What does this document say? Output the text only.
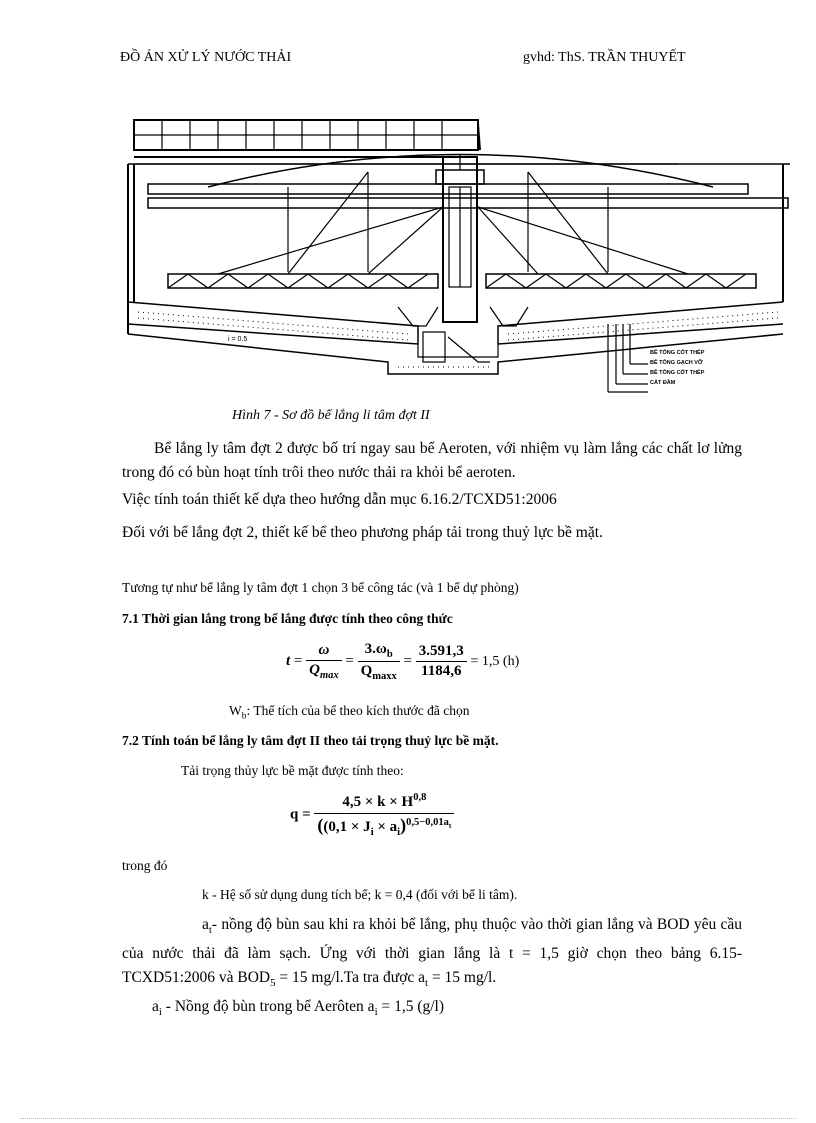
ĐỒ ÁN XỬ LÝ NƯỚC THẢI	gvhd: ThS. TRẦN THUYẾT
BÊ TÔNG CỐT THÉP
BÊ TÔNG GẠCH VỠ
BÊ TÔNG CỐT THÉP
CÁT ĐẦM
i = 0.5
Hình 7 - Sơ đồ bể lắng li tâm đợt II
Bể lắng ly tâm đợt 2 được bố trí ngay sau bể Aeroten, với nhiệm vụ làm lắng các chất lơ lửng trong đó có bùn hoạt tính trôi theo nước thải ra khỏi bể aeroten.
Việc tính toán thiết kế dựa theo hướng dẫn mục 6.16.2/TCXD51:2006
Đối với bể lắng đợt 2, thiết kế bể theo phương pháp tải trong thuỷ lực bề mặt.
Tương tự như bể lắng ly tâm đợt 1 chọn 3 bể công tác (và 1 bể dự phòng)
7.1 Thời gian lắng trong bể lắng được tính theo công thức
$t = \frac{\omega}{Q_{max}} = \frac{3.\omega_b}{Q_{maxx}} = \frac{3.591,3}{1184,6} = 1,5$ (h)
$W_b$: Thể tích của bể theo kích thước đã chọn
7.2 Tính toán bể lắng ly tâm đợt II theo tải trọng thuỷ lực bề mặt.
Tải trọng thủy lực bề mặt được tính theo:
$q = \frac{4,5 \times k \times H^{0,8}}{((0,1 \times J_i \times a_i)^{0,5-0,01a_t}}$
trong đó
k - Hệ số sử dụng dung tích bể; k = 0,4 (đối với bể li tâm).
$a_t-$ nồng độ bùn sau khi ra khỏi bể lắng, phụ thuộc vào thời gian lắng và BOD yêu cầu của nước thải đã làm sạch. Ứng với thời gian lắng là t = 1,5 giờ chọn theo bảng 6.15- TCXD51:2006 và $BOD_5 = 15$ mg/l.Ta tra được $a_t = 15$ mg/l.
$a_i$ - Nồng độ bùn trong bể Aerôten $a_i = 1,5$ (g/l)
